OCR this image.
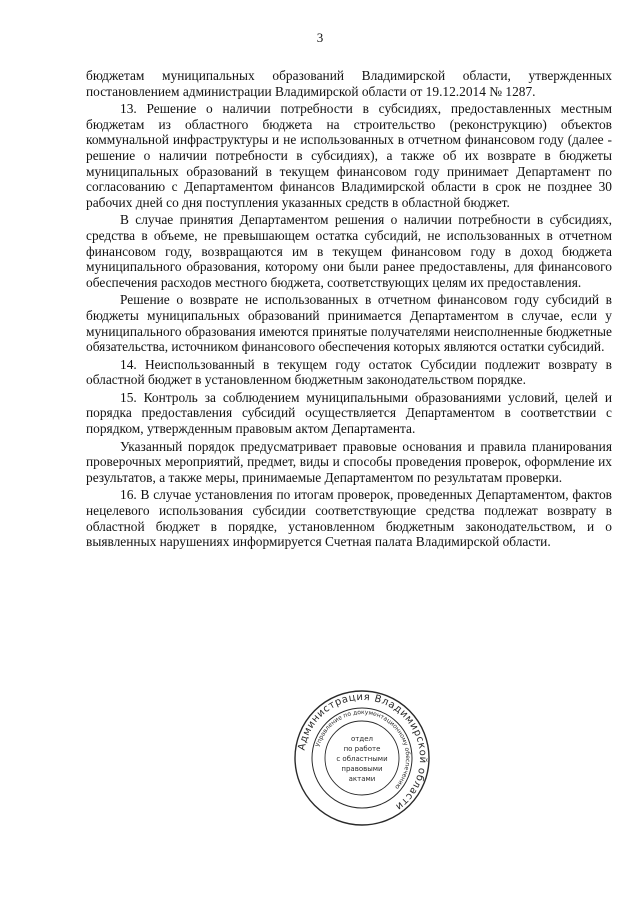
3

бюджетам муниципальных образований Владимирской области, утвержденных постановлением администрации Владимирской области от 19.12.2014 № 1287.

13. Решение о наличии потребности в субсидиях, предоставленных местным бюджетам из областного бюджета на строительство (реконструкцию) объектов коммунальной инфраструктуры и не использованных в отчетном финансовом году (далее - решение о наличии потребности в субсидиях), а также об их возврате в бюджеты муниципальных образований в текущем финансовом году принимает Департамент по согласованию с Департаментом финансов Владимирской области в срок не позднее 30 рабочих дней со дня поступления указанных средств в областной бюджет.

В случае принятия Департаментом решения о наличии потребности в субсидиях, средства в объеме, не превышающем остатка субсидий, не использованных в отчетном финансовом году, возвращаются им в текущем финансовом году в доход бюджета муниципального образования, которому они были ранее предоставлены, для финансового обеспечения расходов местного бюджета, соответствующих целям их предоставления.

Решение о возврате не использованных в отчетном финансовом году субсидий в бюджеты муниципальных образований принимается Департаментом в случае, если у муниципального образования имеются принятые получателями неисполненные бюджетные обязательства, источником финансового обеспечения которых являются остатки субсидий.

14. Неиспользованный в текущем году остаток Субсидии подлежит возврату в областной бюджет в установленном бюджетным законодательством порядке.

15. Контроль за соблюдением муниципальными образованиями условий, целей и порядка предоставления субсидий осуществляется Департаментом в соответствии с порядком, утвержденным правовым актом Департамента.

Указанный порядок предусматривает правовые основания и правила планирования проверочных мероприятий, предмет, виды и способы проведения проверок, оформление их результатов, а также меры, принимаемые Департаментом по результатам проверки.

16. В случае установления по итогам проверок, проведенных Департаментом, фактов нецелевого использования субсидии соответствующие средства подлежат возврату в областной бюджет в порядке, установленном бюджетным законодательством, и о выявленных нарушениях информируется Счетная палата Владимирской области.

Администрация Владимирской области
Управление по документационному обеспечению
отдел
по работе
с областными
правовыми
актами
